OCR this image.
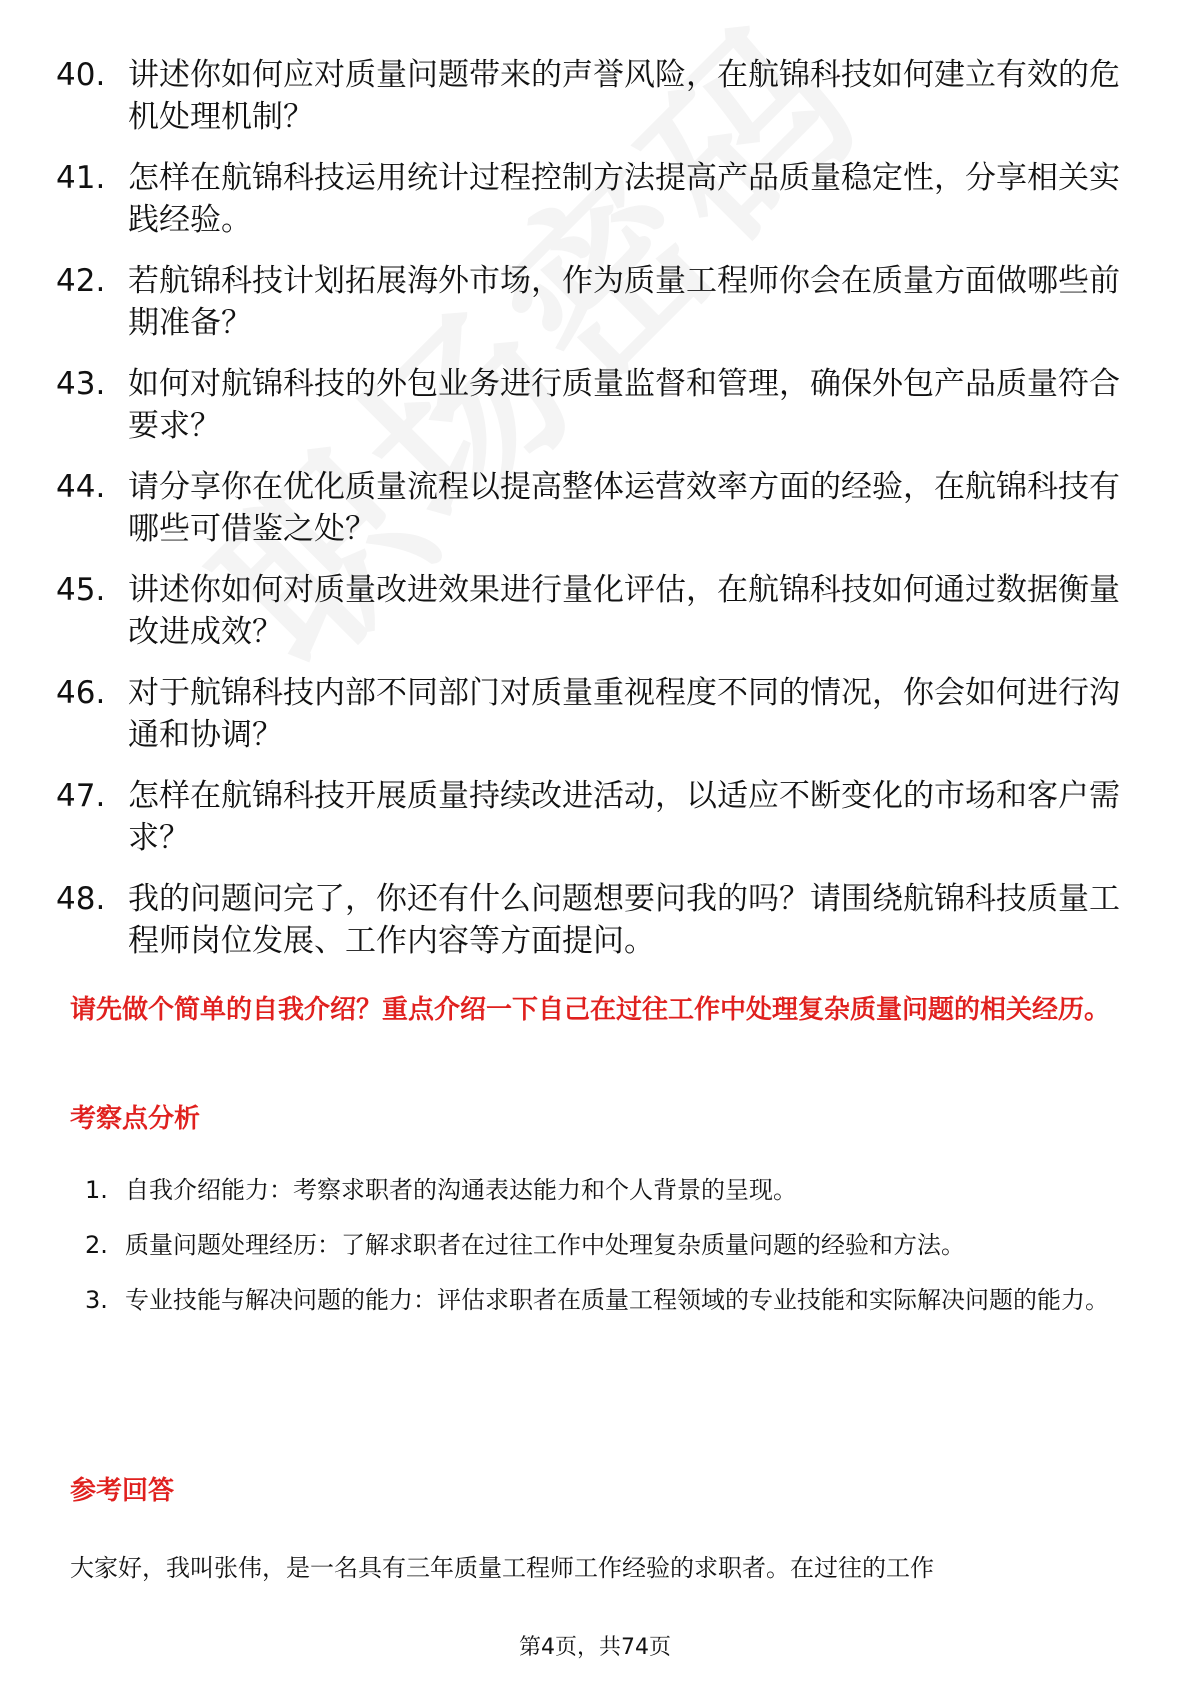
40. 讲述你如何应对质量问题带来的声誉风险，在航锦科技如何建立有效的危机处理机制？
41. 怎样在航锦科技运用统计过程控制方法提高产品质量稳定性，分享相关实践经验。
42. 若航锦科技计划拓展海外市场，作为质量工程师你会在质量方面做哪些前期准备？
43. 如何对航锦科技的外包业务进行质量监督和管理，确保外包产品质量符合要求？
44. 请分享你在优化质量流程以提高整体运营效率方面的经验，在航锦科技有哪些可借鉴之处？
45. 讲述你如何对质量改进效果进行量化评估，在航锦科技如何通过数据衡量改进成效？
46. 对于航锦科技内部不同部门对质量重视程度不同的情况，你会如何进行沟通和协调？
47. 怎样在航锦科技开展质量持续改进活动，以适应不断变化的市场和客户需求？
48. 我的问题问完了，你还有什么问题想要问我的吗？请围绕航锦科技质量工程师岗位发展、工作内容等方面提问。
请先做个简单的自我介绍？重点介绍一下自己在过往工作中处理复杂质量问题的相关经历。
考察点分析
1. 自我介绍能力：考察求职者的沟通表达能力和个人背景的呈现。
2. 质量问题处理经历：了解求职者在过往工作中处理复杂质量问题的经验和方法。
3. 专业技能与解决问题的能力：评估求职者在质量工程领域的专业技能和实际解决问题的能力。
参考回答
大家好，我叫张伟，是一名具有三年质量工程师工作经验的求职者。在过往的工作
第4页，共74页
